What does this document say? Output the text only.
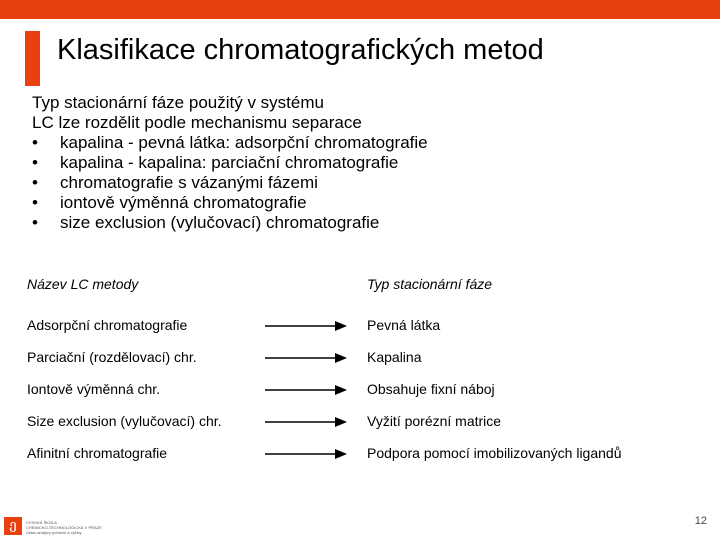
Klasifikace chromatografických metod
Typ stacionární fáze použitý v systému
LC lze rozdělit podle mechanismu separace
• kapalina - pevná látka: adsorpční chromatografie
• kapalina - kapalina: parciační chromatografie
• chromatografie s vázanými fázemi
• iontově výměnná chromatografie
• size exclusion (vylučovací) chromatografie
Název LC metody	Typ stacionární fáze
Adsorpční chromatografie	Pevná látka
Parciační (rozdělovací) chr.	Kapalina
Iontově výměnná chr.	Obsahuje fixní náboj
Size exclusion (vylučovací) chr.	Vyžití porézní matrice
Afinitní chromatografie	Podpora pomocí imobilizovaných ligandů
ე	VYSOKÁ ŠKOLA
CHEMICKO-TECHNOLOGICKÁ V PRAZE
Ústav analýzy potravin a výživy
12
